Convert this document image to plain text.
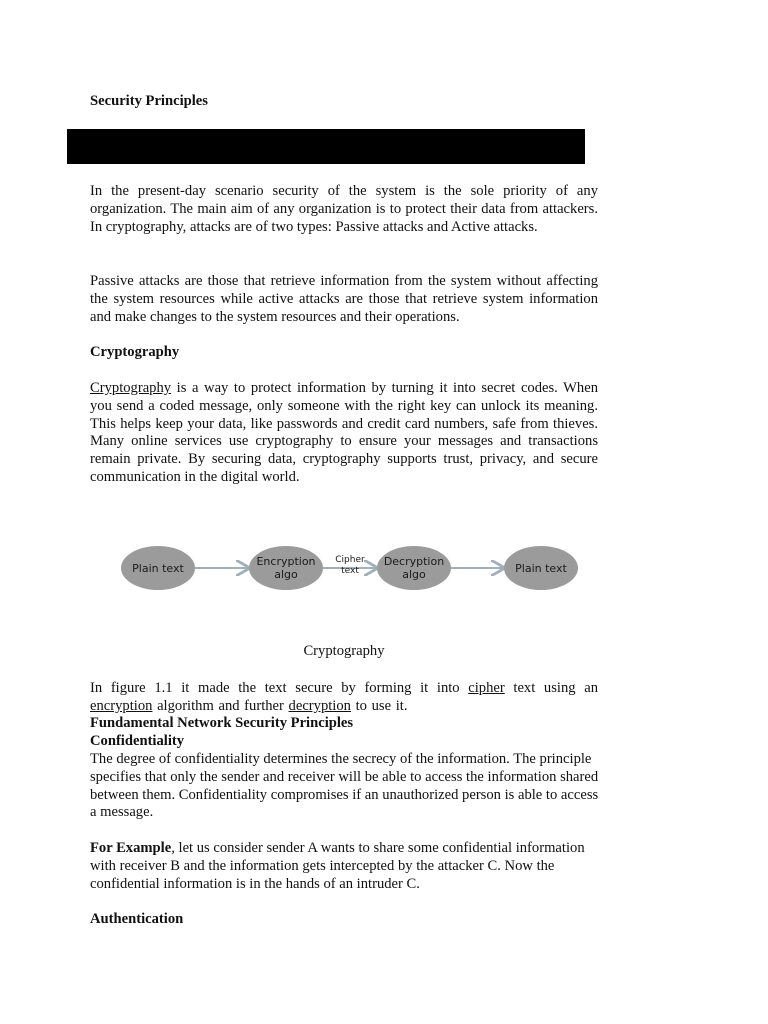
Security Principles
In the present-day scenario security of the system is the sole priority of any organization. The main aim of any organization is to protect their data from attackers. In cryptography, attacks are of two types: Passive attacks and Active attacks.
Passive attacks are those that retrieve information from the system without affecting the system resources while active attacks are those that retrieve system information and make changes to the system resources and their operations.
Cryptography
Cryptography is a way to protect information by turning it into secret codes. When you send a coded message, only someone with the right key can unlock its meaning. This helps keep your data, like passwords and credit card numbers, safe from thieves. Many online services use cryptography to ensure your messages and transactions remain private. By securing data, cryptography supports trust, privacy, and secure communication in the digital world.
Plain text	Encryption
algo
Cipher
text
Decryption
algo	Plain text
Cryptography
In figure 1.1 it made the text secure by forming it into cipher text using an encryption algorithm and further decryption to use it.
Fundamental Network Security Principles
Confidentiality
The degree of confidentiality determines the secrecy of the information. The principle specifies that only the sender and receiver will be able to access the information shared between them. Confidentiality compromises if an unauthorized person is able to access a message.
For Example, let us consider sender A wants to share some confidential information with receiver B and the information gets intercepted by the attacker C. Now the confidential information is in the hands of an intruder C.
Authentication
